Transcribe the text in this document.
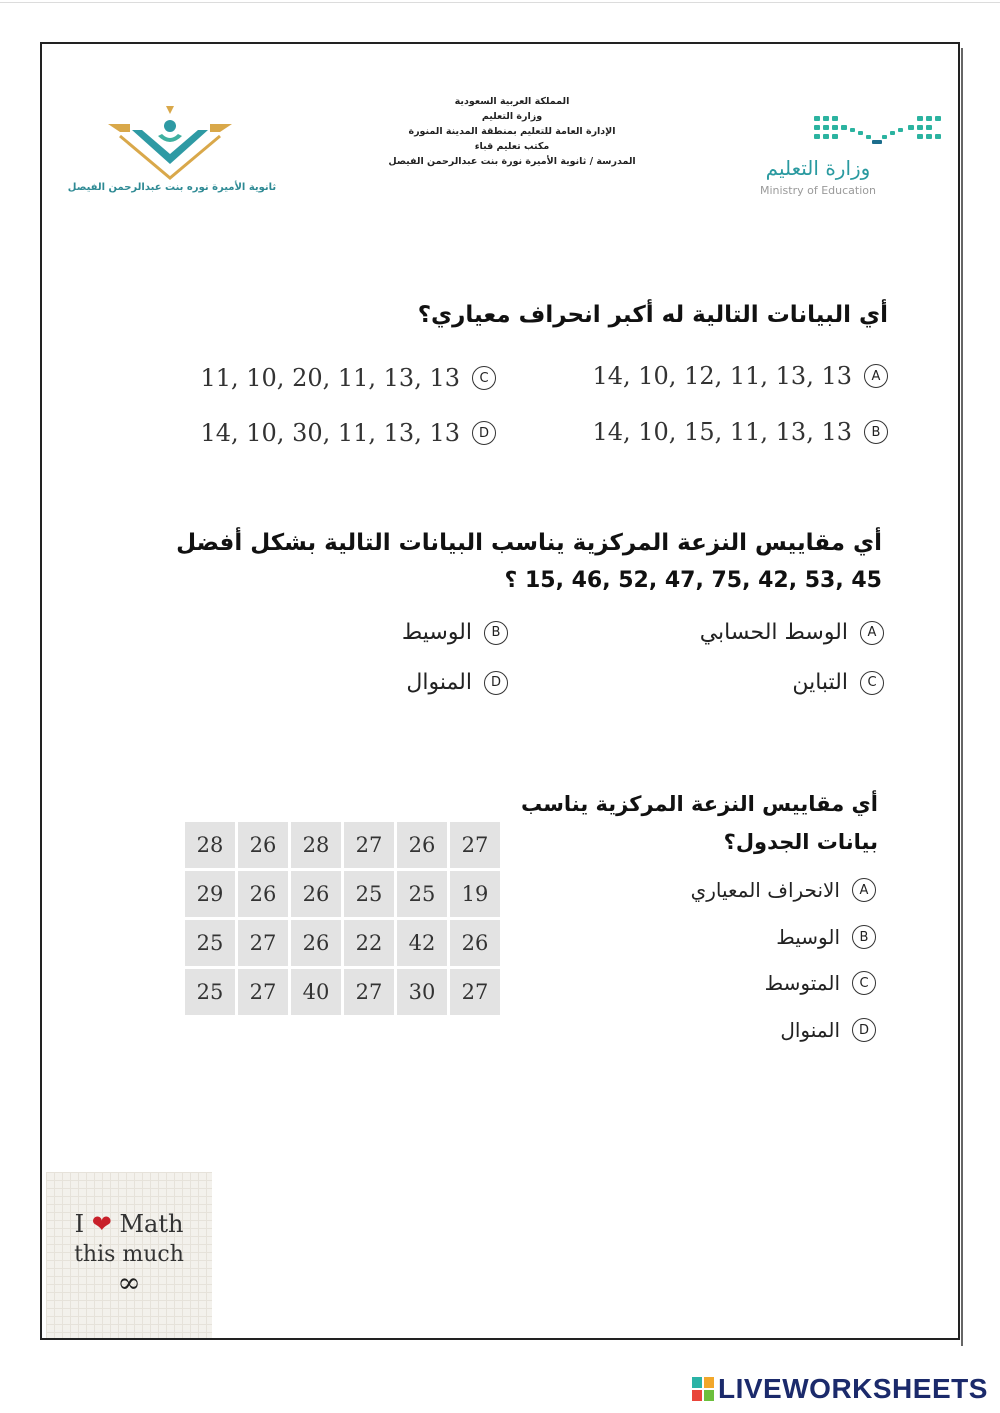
وزارة التعليم
Ministry of Education
المملكة العربية السعودية
وزارة التعليم
الإدارة العامة للتعليم بمنطقة المدينة المنورة
مكتب تعليم قباء
المدرسة / ثانوية الأميرة نورة بنت عبدالرحمن الفيصل
ثانوية الأميرة نوره بنت عبدالرحمن الفيصل
أي البيانات التالية له أكبر انحراف معياري؟
A
14, 10, 12, 11, 13, 13
C
11, 10, 20, 11, 13, 13
B
14, 10, 15, 11, 13, 13
D
14, 10, 30, 11, 13, 13
أي مقاييس النزعة المركزية يناسب البيانات التالية بشكل أفضل
15, 46, 52, 47, 75, 42, 53, 45 ؟
A
الوسط الحسابي
B
الوسيط
C
التباين
D
المنوال
أي مقاييس النزعة المركزية يناسب
بيانات الجدول؟
A
الانحراف المعياري
B
الوسيط
C
المتوسط
D
المنوال
28	26	28	27	26	27
29	26	26	25	25	19
25	27	26	22	42	26
25	27	40	27	30	27
I ❤ Math
this much
∞
LIVEWORKSHEETS
